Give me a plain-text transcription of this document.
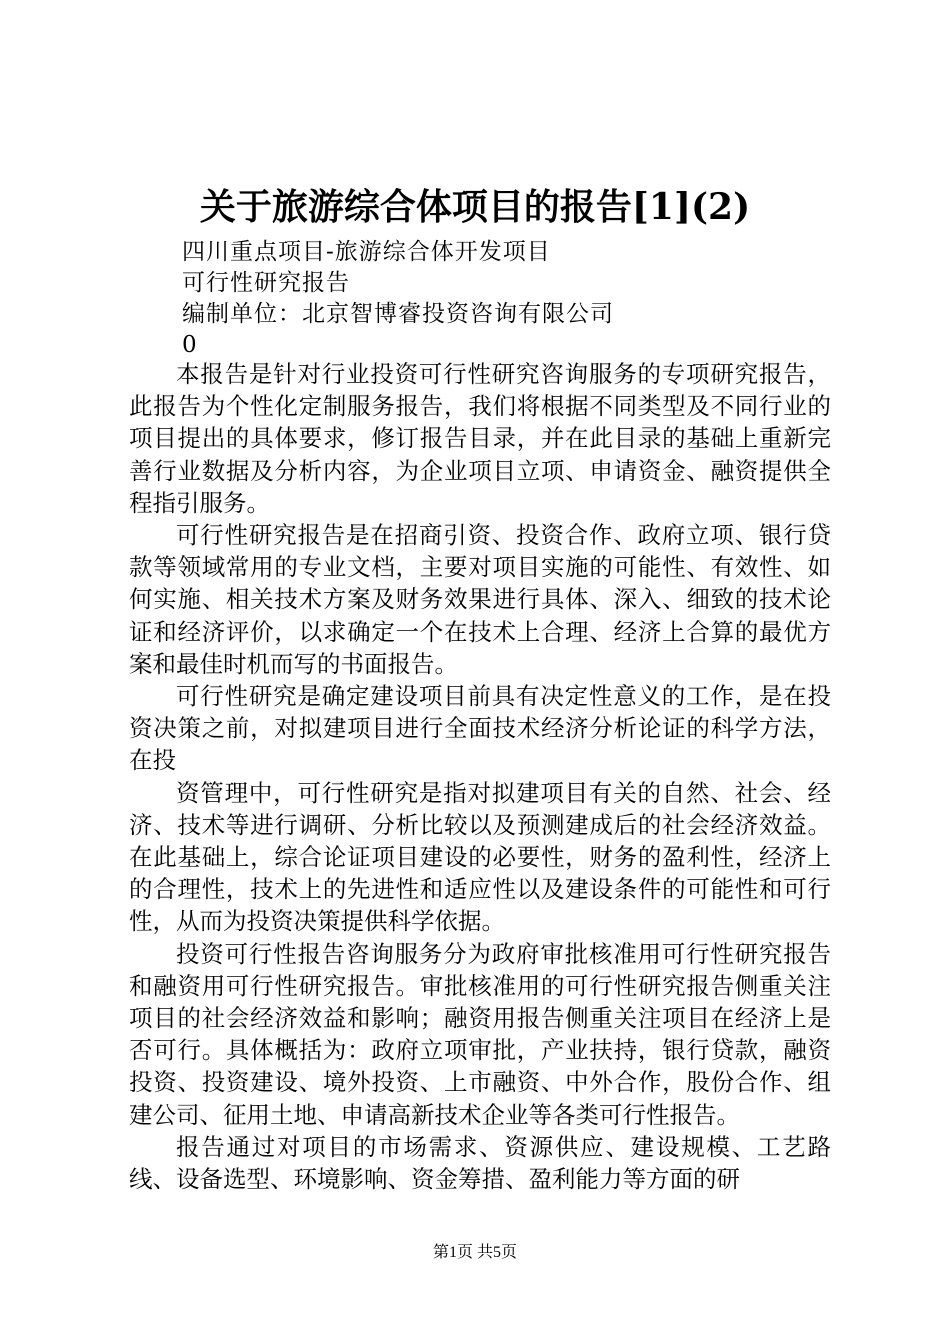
关于旅游综合体项目的报告[1](2)
四川重点项目-旅游综合体开发项目
可行性研究报告
编制单位：北京智博睿投资咨询有限公司
0

本报告是针对行业投资可行性研究咨询服务的专项研究报告，此报告为个性化定制服务报告，我们将根据不同类型及不同行业的项目提出的具体要求，修订报告目录，并在此目录的基础上重新完善行业数据及分析内容，为企业项目立项、申请资金、融资提供全程指引服务。

可行性研究报告是在招商引资、投资合作、政府立项、银行贷款等领域常用的专业文档，主要对项目实施的可能性、有效性、如何实施、相关技术方案及财务效果进行具体、深入、细致的技术论证和经济评价，以求确定一个在技术上合理、经济上合算的最优方案和最佳时机而写的书面报告。

可行性研究是确定建设项目前具有决定性意义的工作，是在投资决策之前，对拟建项目进行全面技术经济分析论证的科学方法，在投

资管理中，可行性研究是指对拟建项目有关的自然、社会、经济、技术等进行调研、分析比较以及预测建成后的社会经济效益。在此基础上，综合论证项目建设的必要性，财务的盈利性，经济上的合理性，技术上的先进性和适应性以及建设条件的可能性和可行性，从而为投资决策提供科学依据。

投资可行性报告咨询服务分为政府审批核准用可行性研究报告和融资用可行性研究报告。审批核准用的可行性研究报告侧重关注项目的社会经济效益和影响；融资用报告侧重关注项目在经济上是否可行。具体概括为：政府立项审批，产业扶持，银行贷款，融资投资、投资建设、境外投资、上市融资、中外合作，股份合作、组建公司、征用土地、申请高新技术企业等各类可行性报告。

报告通过对项目的市场需求、资源供应、建设规模、工艺路线、设备选型、环境影响、资金筹措、盈利能力等方面的研

第1页 共5页
